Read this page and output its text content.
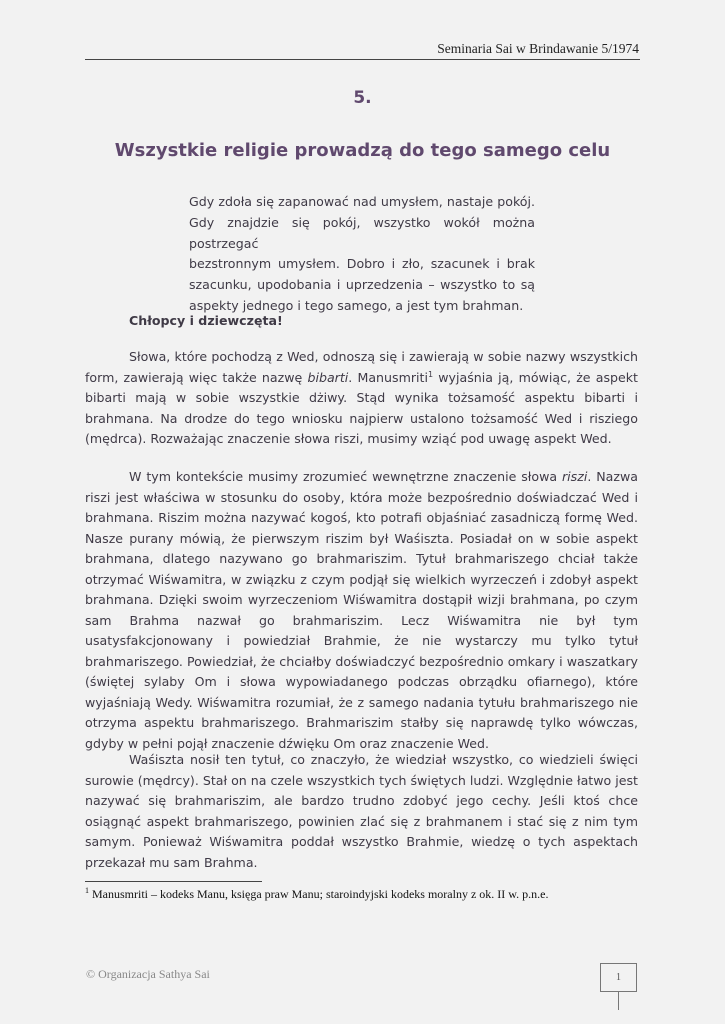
Seminaria Sai w Brindawanie 5/1974
5.
Wszystkie religie prowadzą do tego samego celu

Gdy zdoła się zapanować nad umysłem, nastaje pokój.
Gdy znajdzie się pokój, wszystko wokół można postrzegać
bezstronnym umysłem. Dobro i zło, szacunek i brak
szacunku, upodobania i uprzedzenia – wszystko to są
aspekty jednego i tego samego, a jest tym brahman.

Chłopcy i dziewczęta!

Słowa, które pochodzą z Wed, odnoszą się i zawierają w sobie nazwy wszystkich form, zawierają więc także nazwę bibarti. Manusmriti$^1$ wyjaśnia ją, mówiąc, że aspekt bibarti mają w sobie wszystkie dżiwy. Stąd wynika tożsamość aspektu bibarti i brahmana. Na drodze do tego wniosku najpierw ustalono tożsamość Wed i risziego (mędrca). Rozważając znaczenie słowa riszi, musimy wziąć pod uwagę aspekt Wed.

W tym kontekście musimy zrozumieć wewnętrzne znaczenie słowa riszi. Nazwa riszi jest właściwa w stosunku do osoby, która może bezpośrednio doświadczać Wed i brahmana. Riszim można nazywać kogoś, kto potrafi objaśniać zasadniczą formę Wed. Nasze purany mówią, że pierwszym riszim był Waśiszta. Posiadał on w sobie aspekt brahmana, dlatego nazywano go brahmariszim. Tytuł brahmariszego chciał także otrzymać Wiśwamitra, w związku z czym podjął się wielkich wyrzeczeń i zdobył aspekt brahmana. Dzięki swoim wyrzeczeniom Wiśwamitra dostąpił wizji brahmana, po czym sam Brahma nazwał go brahmariszim. Lecz Wiśwamitra nie był tym usatysfakcjonowany i powiedział Brahmie, że nie wystarczy mu tylko tytuł brahmariszego. Powiedział, że chciałby doświadczyć bezpośrednio omkary i waszatkary (świętej sylaby Om i słowa wypowiadanego podczas obrządku ofiarnego), które wyjaśniają Wedy. Wiśwamitra rozumiał, że z samego nadania tytułu brahmariszego nie otrzyma aspektu brahmariszego. Brahmariszim stałby się naprawdę tylko wówczas, gdyby w pełni pojął znaczenie dźwięku Om oraz znaczenie Wed.

Waśiszta nosił ten tytuł, co znaczyło, że wiedział wszystko, co wiedzieli święci surowie (mędrcy). Stał on na czele wszystkich tych świętych ludzi. Względnie łatwo jest nazywać się brahmariszim, ale bardzo trudno zdobyć jego cechy. Jeśli ktoś chce osiągnąć aspekt brahmariszego, powinien zlać się z brahmanem i stać się z nim tym samym. Ponieważ Wiśwamitra poddał wszystko Brahmie, wiedzę o tych aspektach przekazał mu sam Brahma.

$^1$ Manusmriti – kodeks Manu, księga praw Manu; staroindyjski kodeks moralny z ok. II w. p.n.e.
© Organizacja Sathya Sai	1
